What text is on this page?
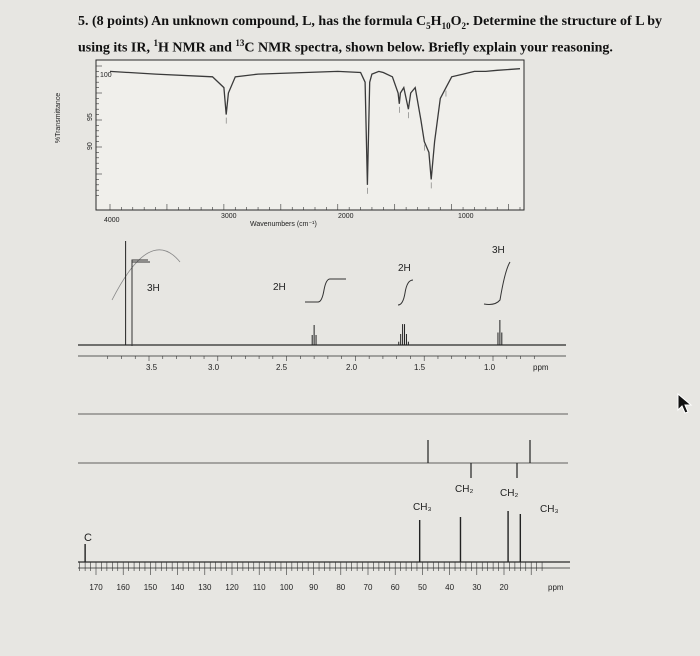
5. (8 points) An unknown compound, L, has the formula $C_5H_{10}O_2$. Determine the structure of L by using its IR, $^1$H NMR and $^{13}$C NMR spectra, shown below. Briefly explain your reasoning.
%Transmittance
100
95
90
4000
3000	2000	1000
Wavenumbers (cm⁻¹)
3H	2H
2H
3H
3.5	3.0	2.5	2.0	1.5	1.0	ppm
CH₂	CH₂
CH₃	CH₃
C
170 160 150 140 130 120 110 100 90 80 70 60 50 40 30 20	ppm
